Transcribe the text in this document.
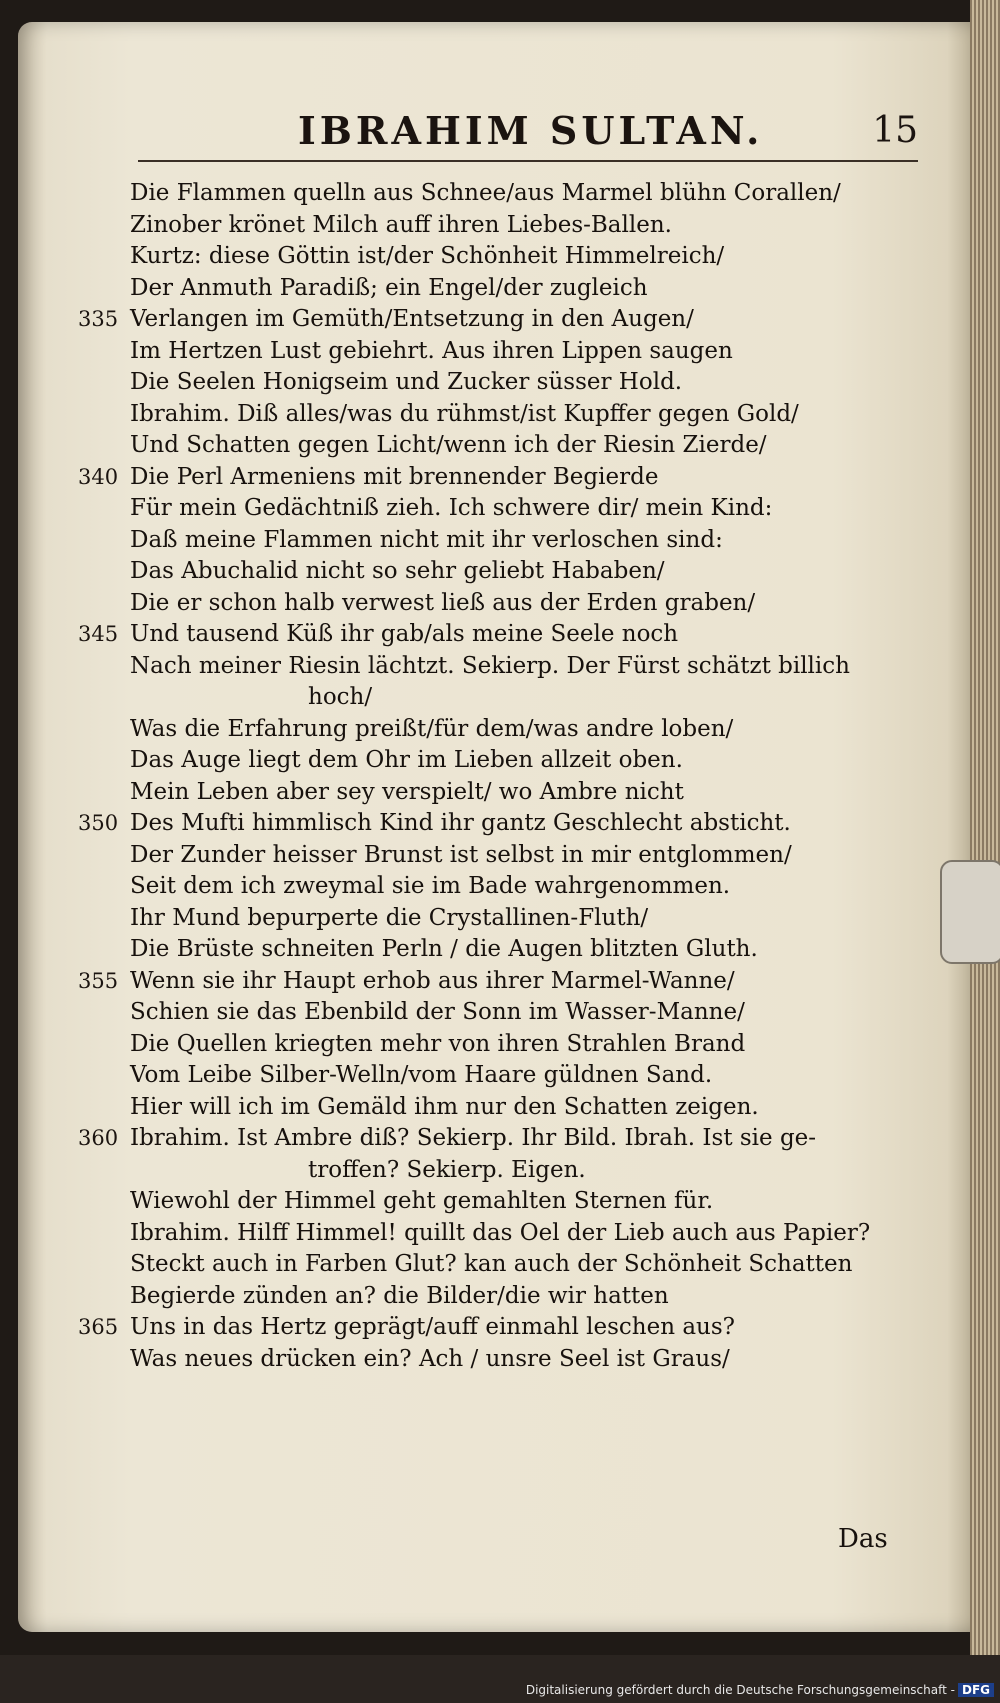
IBRAHIM SULTAN.	15
Die Flammen quelln aus Schnee/aus Marmel blühn Corallen/
Zinober krönet Milch auff ihren Liebes-Ballen.
Kurtz: diese Göttin ist/der Schönheit Himmelreich/
Der Anmuth Paradiß; ein Engel/der zugleich
335 Verlangen im Gemüth/Entsetzung in den Augen/
Im Hertzen Lust gebiehrt. Aus ihren Lippen saugen
Die Seelen Honigseim und Zucker süsser Hold.
Ibrahim. Diß alles/was du rühmst/ist Kupffer gegen Gold/
Und Schatten gegen Licht/wenn ich der Riesin Zierde/
340 Die Perl Armeniens mit brennender Begierde
Für mein Gedächtniß zieh. Ich schwere dir/ mein Kind:
Daß meine Flammen nicht mit ihr verloschen sind:
Das Abuchalid nicht so sehr geliebt Hababen/
Die er schon halb verwest ließ aus der Erden graben/
345 Und tausend Küß ihr gab/als meine Seele noch
Nach meiner Riesin lächtzt. Sekierp. Der Fürst schätzt billich
hoch/
Was die Erfahrung preißt/für dem/was andre loben/
Das Auge liegt dem Ohr im Lieben allzeit oben.
Mein Leben aber sey verspielt/ wo Ambre nicht
350 Des Mufti himmlisch Kind ihr gantz Geschlecht absticht.
Der Zunder heisser Brunst ist selbst in mir entglommen/
Seit dem ich zweymal sie im Bade wahrgenommen.
Ihr Mund bepurperte die Crystallinen-Fluth/
Die Brüste schneiten Perln / die Augen blitzten Gluth.
355 Wenn sie ihr Haupt erhob aus ihrer Marmel-Wanne/
Schien sie das Ebenbild der Sonn im Wasser-Manne/
Die Quellen kriegten mehr von ihren Strahlen Brand
Vom Leibe Silber-Welln/vom Haare güldnen Sand.
Hier will ich im Gemäld ihm nur den Schatten zeigen.
360 Ibrahim. Ist Ambre diß? Sekierp. Ihr Bild. Ibrah. Ist sie ge-
troffen? Sekierp. Eigen.
Wiewohl der Himmel geht gemahlten Sternen für.
Ibrahim. Hilff Himmel! quillt das Oel der Lieb auch aus Papier?
Steckt auch in Farben Glut? kan auch der Schönheit Schatten
Begierde zünden an? die Bilder/die wir hatten
365 Uns in das Hertz geprägt/auff einmahl leschen aus?
Was neues drücken ein? Ach / unsre Seel ist Graus/
Das
Digitalisierung gefördert durch die Deutsche Forschungsgemeinschaft - DFG
